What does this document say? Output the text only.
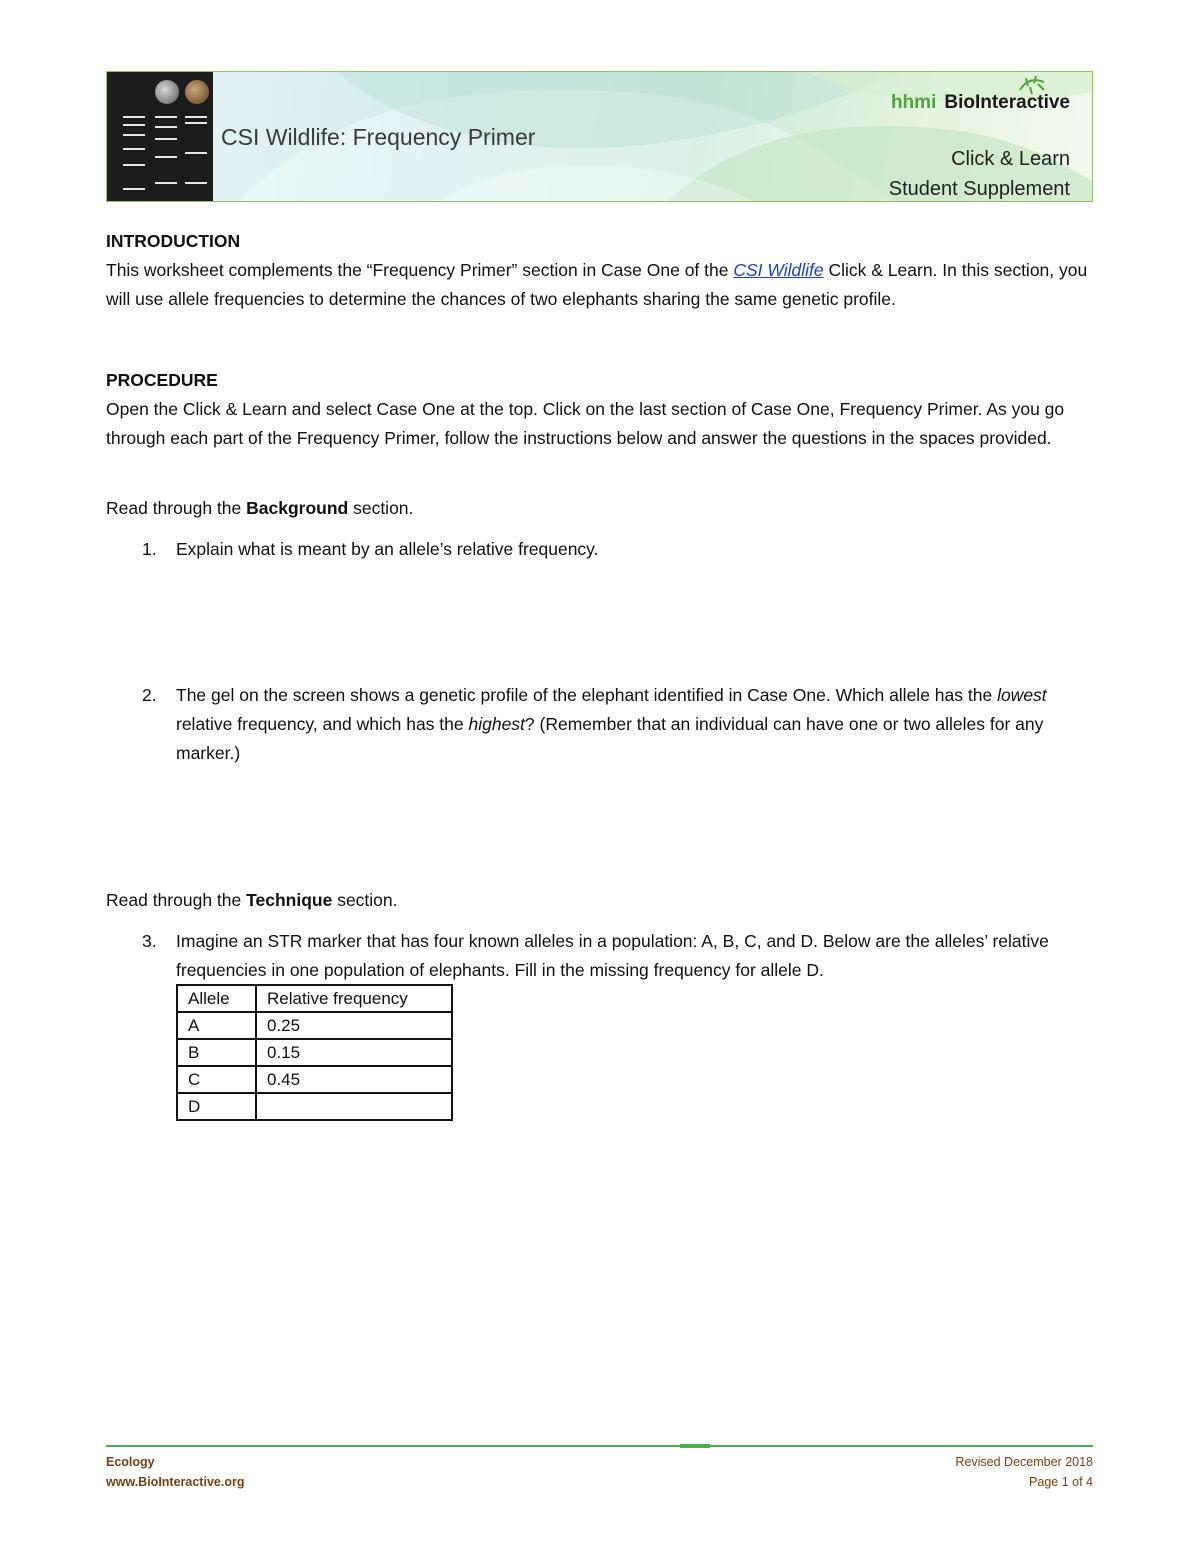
CSI Wildlife: Frequency Primer
hhmi BioInteractive
Click & Learn
Student Supplement
INTRODUCTION
This worksheet complements the “Frequency Primer” section in Case One of the CSI Wildlife Click & Learn. In this section, you will use allele frequencies to determine the chances of two elephants sharing the same genetic profile.
PROCEDURE
Open the Click & Learn and select Case One at the top. Click on the last section of Case One, Frequency Primer. As you go through each part of the Frequency Primer, follow the instructions below and answer the questions in the spaces provided.
Read through the Background section.
1.	Explain what is meant by an allele’s relative frequency.
2.	The gel on the screen shows a genetic profile of the elephant identified in Case One. Which allele has the lowest relative frequency, and which has the highest? (Remember that an individual can have one or two alleles for any marker.)
Read through the Technique section.
3.	Imagine an STR marker that has four known alleles in a population: A, B, C, and D. Below are the alleles’ relative frequencies in one population of elephants. Fill in the missing frequency for allele D.
Allele	Relative frequency
A	0.25
B	0.15
C	0.45
D	
Ecology
www.BioInteractive.org
Revised December 2018
Page 1 of 4
